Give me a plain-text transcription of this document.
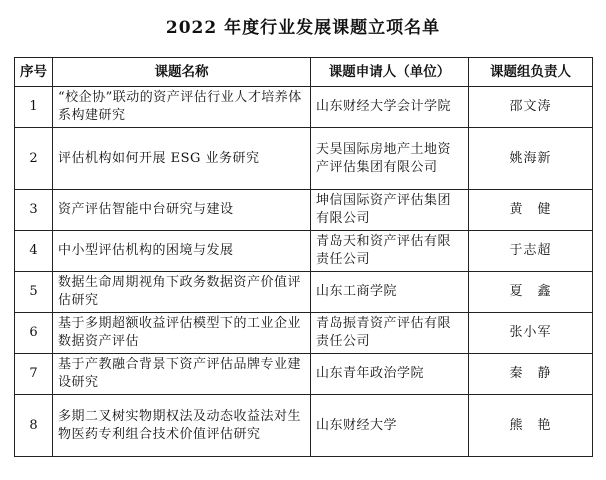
2022 年度行业发展课题立项名单
序号	课题名称	课题申请人（单位）	课题组负责人
1	“校企协”联动的资产评估行业人才培养体系构建研究	山东财经大学会计学院	邵文涛
2	评估机构如何开展 ESG 业务研究	天昊国际房地产土地资产评估集团有限公司	姚海新
3	资产评估智能中台研究与建设	坤信国际资产评估集团有限公司	黄　健
4	中小型评估机构的困境与发展	青岛天和资产评估有限责任公司	于志超
5	数据生命周期视角下政务数据资产价值评估研究	山东工商学院	夏　鑫
6	基于多期超额收益评估模型下的工业企业数据资产评估	青岛振青资产评估有限责任公司	张小军
7	基于产教融合背景下资产评估品牌专业建设研究	山东青年政治学院	秦　静
8	多期二叉树实物期权法及动态收益法对生物医药专利组合技术价值评估研究	山东财经大学	熊　艳
